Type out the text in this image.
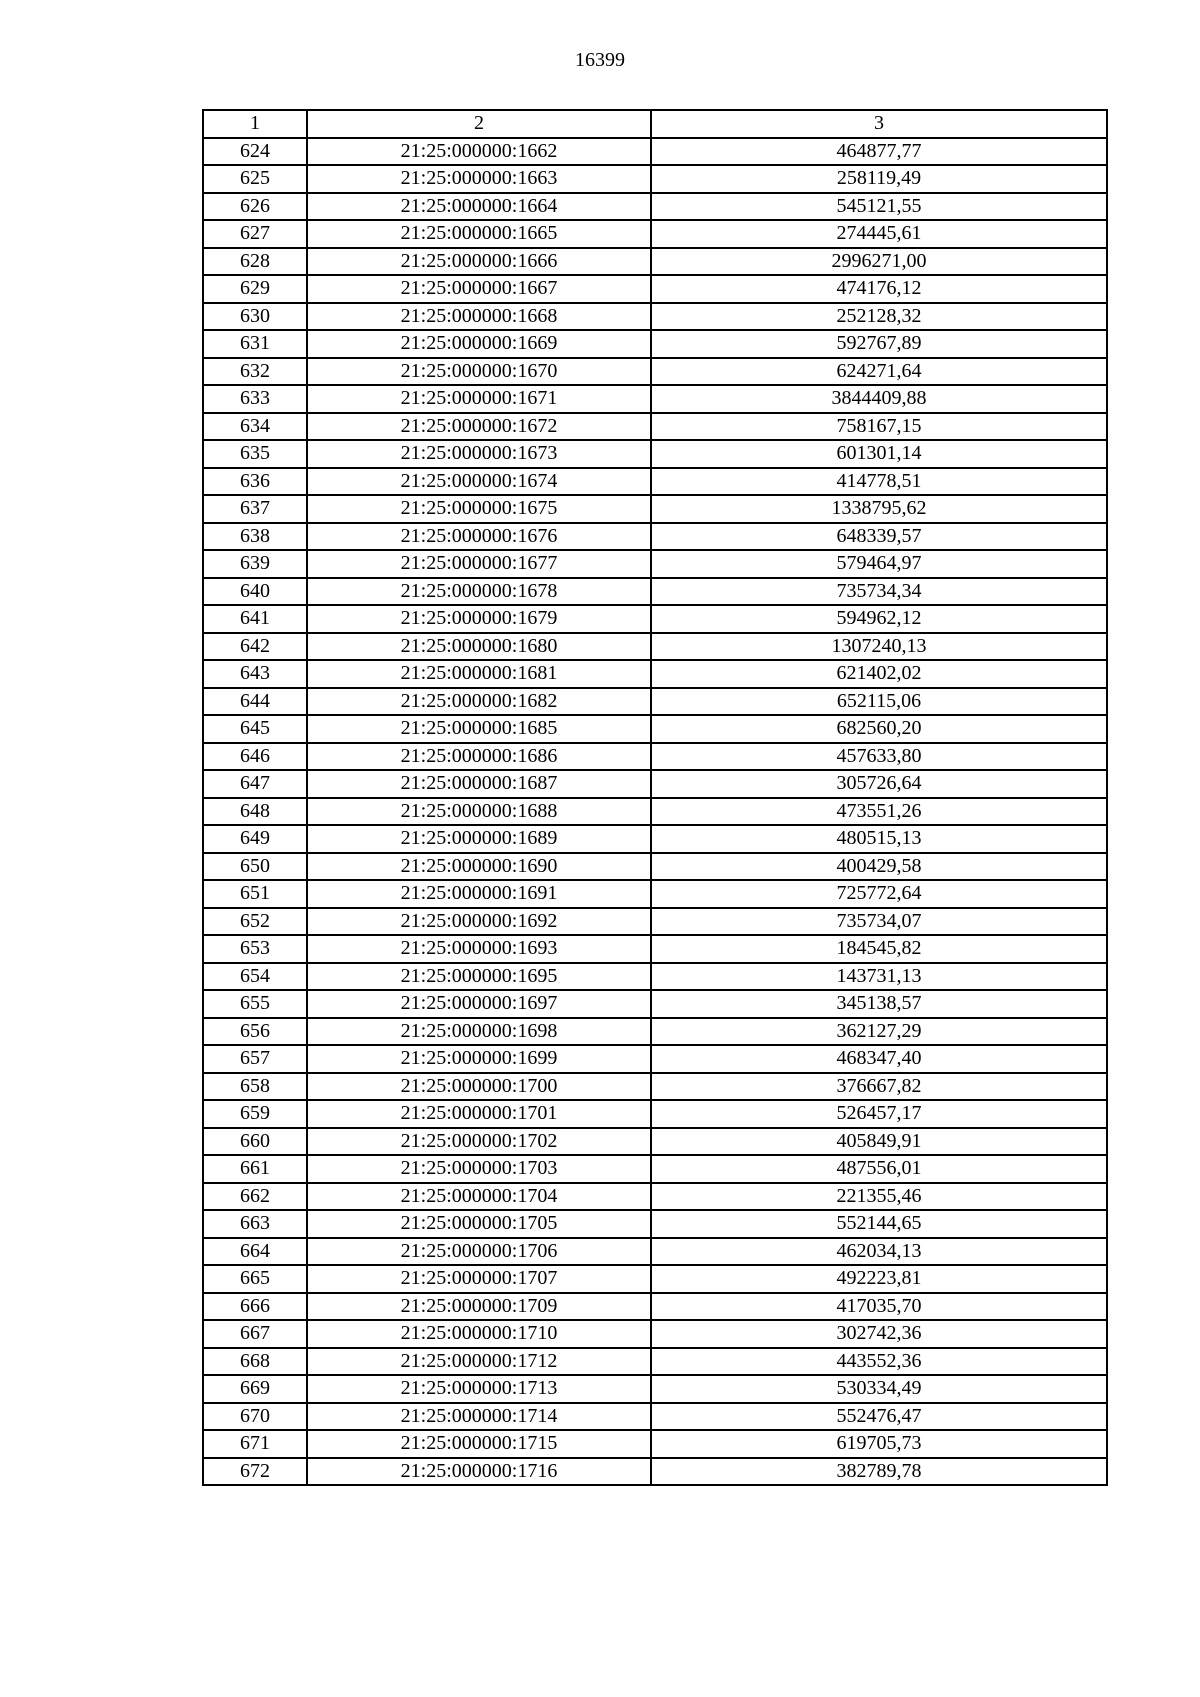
16399
1	2	3
624	21:25:000000:1662	464877,77
625	21:25:000000:1663	258119,49
626	21:25:000000:1664	545121,55
627	21:25:000000:1665	274445,61
628	21:25:000000:1666	2996271,00
629	21:25:000000:1667	474176,12
630	21:25:000000:1668	252128,32
631	21:25:000000:1669	592767,89
632	21:25:000000:1670	624271,64
633	21:25:000000:1671	3844409,88
634	21:25:000000:1672	758167,15
635	21:25:000000:1673	601301,14
636	21:25:000000:1674	414778,51
637	21:25:000000:1675	1338795,62
638	21:25:000000:1676	648339,57
639	21:25:000000:1677	579464,97
640	21:25:000000:1678	735734,34
641	21:25:000000:1679	594962,12
642	21:25:000000:1680	1307240,13
643	21:25:000000:1681	621402,02
644	21:25:000000:1682	652115,06
645	21:25:000000:1685	682560,20
646	21:25:000000:1686	457633,80
647	21:25:000000:1687	305726,64
648	21:25:000000:1688	473551,26
649	21:25:000000:1689	480515,13
650	21:25:000000:1690	400429,58
651	21:25:000000:1691	725772,64
652	21:25:000000:1692	735734,07
653	21:25:000000:1693	184545,82
654	21:25:000000:1695	143731,13
655	21:25:000000:1697	345138,57
656	21:25:000000:1698	362127,29
657	21:25:000000:1699	468347,40
658	21:25:000000:1700	376667,82
659	21:25:000000:1701	526457,17
660	21:25:000000:1702	405849,91
661	21:25:000000:1703	487556,01
662	21:25:000000:1704	221355,46
663	21:25:000000:1705	552144,65
664	21:25:000000:1706	462034,13
665	21:25:000000:1707	492223,81
666	21:25:000000:1709	417035,70
667	21:25:000000:1710	302742,36
668	21:25:000000:1712	443552,36
669	21:25:000000:1713	530334,49
670	21:25:000000:1714	552476,47
671	21:25:000000:1715	619705,73
672	21:25:000000:1716	382789,78
